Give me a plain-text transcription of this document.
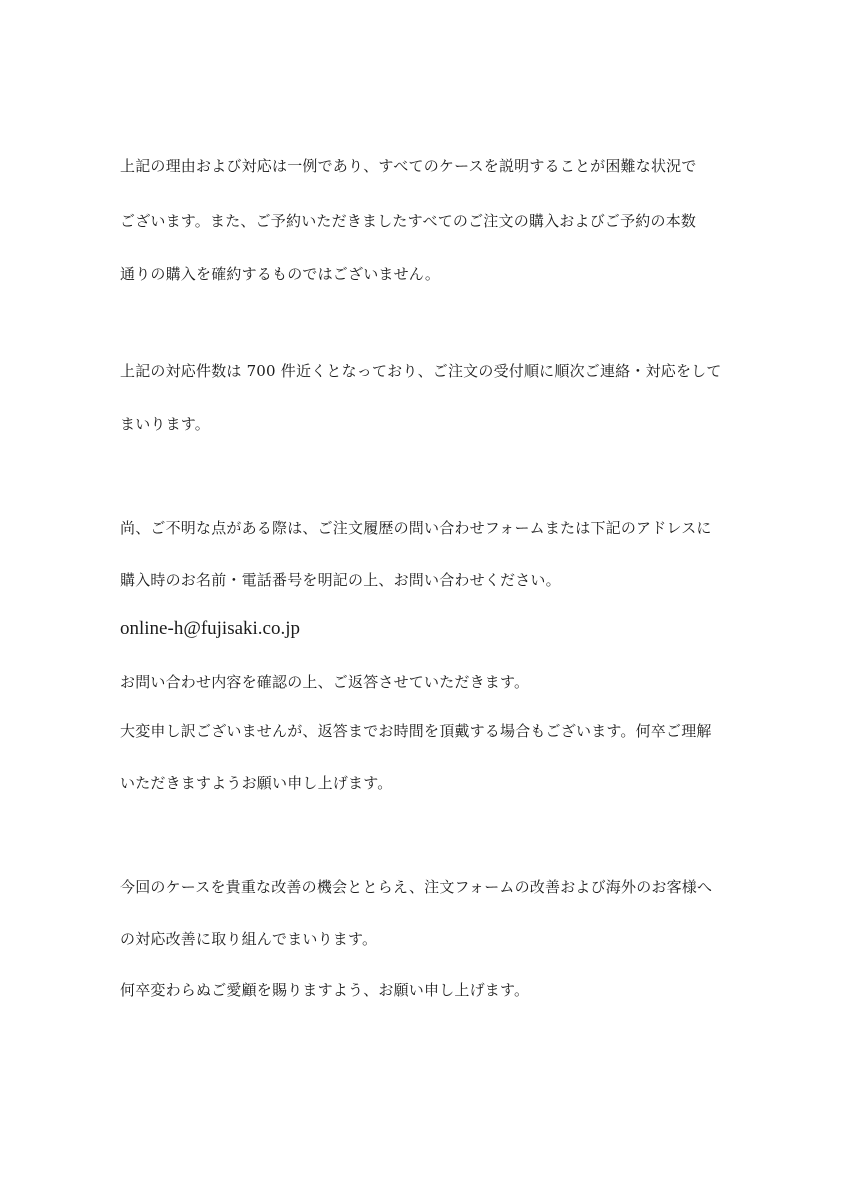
上記の理由および対応は一例であり、すべてのケースを説明することが困難な状況で
ございます。また、ご予約いただきましたすべてのご注文の購入およびご予約の本数
通りの購入を確約するものではございません。
上記の対応件数は 700 件近くとなっており、ご注文の受付順に順次ご連絡・対応をして
まいります。
尚、ご不明な点がある際は、ご注文履歴の問い合わせフォームまたは下記のアドレスに
購入時のお名前・電話番号を明記の上、お問い合わせください。
online-h@fujisaki.co.jp
お問い合わせ内容を確認の上、ご返答させていただきます。
大変申し訳ございませんが、返答までお時間を頂戴する場合もございます。何卒ご理解
いただきますようお願い申し上げます。
今回のケースを貴重な改善の機会ととらえ、注文フォームの改善および海外のお客様へ
の対応改善に取り組んでまいります。
何卒変わらぬご愛顧を賜りますよう、お願い申し上げます。
